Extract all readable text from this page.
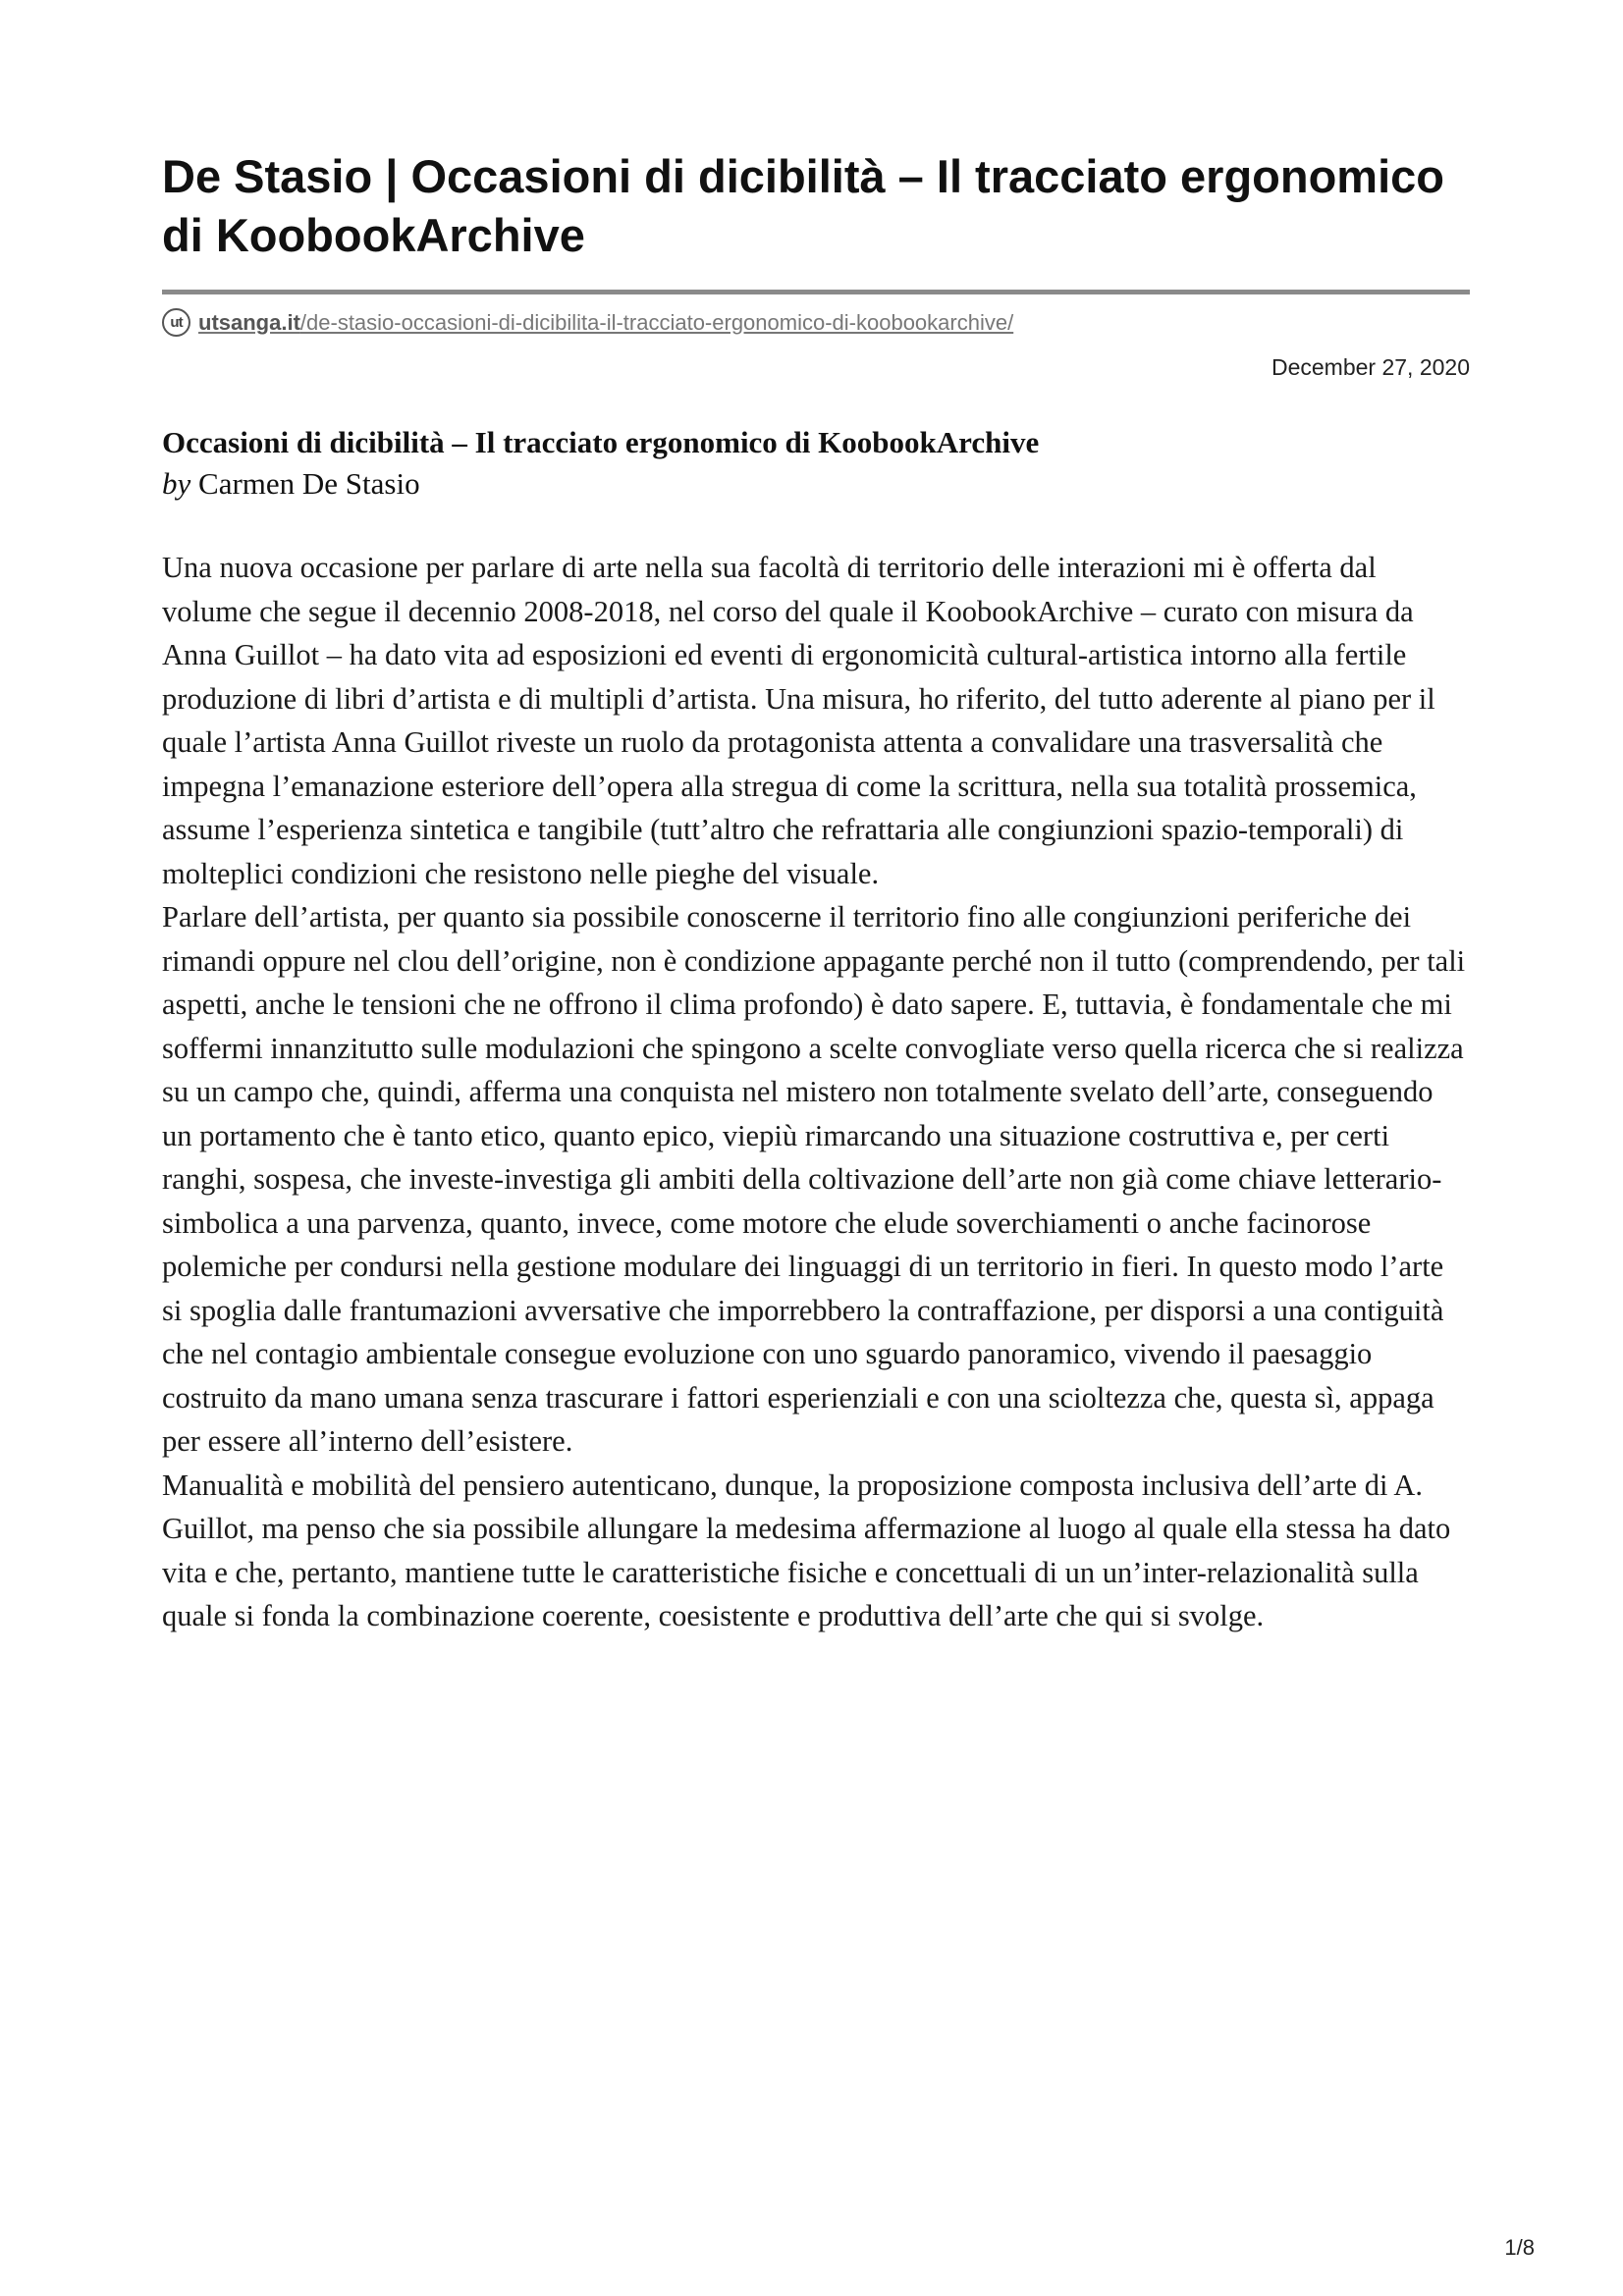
De Stasio | Occasioni di dicibilità – Il tracciato ergonomico di KoobookArchive
ut utsanga.it/de-stasio-occasioni-di-dicibilita-il-tracciato-ergonomico-di-koobookarchive/
December 27, 2020
Occasioni di dicibilità – Il tracciato ergonomico di KoobookArchive
by Carmen De Stasio

Una nuova occasione per parlare di arte nella sua facoltà di territorio delle interazioni mi è offerta dal volume che segue il decennio 2008-2018, nel corso del quale il KoobookArchive – curato con misura da Anna Guillot – ha dato vita ad esposizioni ed eventi di ergonomicità cultural-artistica intorno alla fertile produzione di libri d’artista e di multipli d’artista. Una misura, ho riferito, del tutto aderente al piano per il quale l’artista Anna Guillot riveste un ruolo da protagonista attenta a convalidare una trasversalità che impegna l’emanazione esteriore dell’opera alla stregua di come la scrittura, nella sua totalità prossemica, assume l’esperienza sintetica e tangibile (tutt’altro che refrattaria alle congiunzioni spazio-temporali) di molteplici condizioni che resistono nelle pieghe del visuale.

Parlare dell’artista, per quanto sia possibile conoscerne il territorio fino alle congiunzioni periferiche dei rimandi oppure nel clou dell’origine, non è condizione appagante perché non il tutto (comprendendo, per tali aspetti, anche le tensioni che ne offrono il clima profondo) è dato sapere. E, tuttavia, è fondamentale che mi soffermi innanzitutto sulle modulazioni che spingono a scelte convogliate verso quella ricerca che si realizza su un campo che, quindi, afferma una conquista nel mistero non totalmente svelato dell’arte, conseguendo un portamento che è tanto etico, quanto epico, viepiù rimarcando una situazione costruttiva e, per certi ranghi, sospesa, che investe-investiga gli ambiti della coltivazione dell’arte non già come chiave letterario-simbolica a una parvenza, quanto, invece, come motore che elude soverchiamenti o anche facinorose polemiche per condursi nella gestione modulare dei linguaggi di un territorio in fieri. In questo modo l’arte si spoglia dalle frantumazioni avversative che imporrebbero la contraffazione, per disporsi a una contiguità che nel contagio ambientale consegue evoluzione con uno sguardo panoramico, vivendo il paesaggio costruito da mano umana senza trascurare i fattori esperienziali e con una scioltezza che, questa sì, appaga per essere all’interno dell’esistere.

Manualità e mobilità del pensiero autenticano, dunque, la proposizione composta inclusiva dell’arte di A. Guillot, ma penso che sia possibile allungare la medesima affermazione al luogo al quale ella stessa ha dato vita e che, pertanto, mantiene tutte le caratteristiche fisiche e concettuali di un un’inter-relazionalità sulla quale si fonda la combinazione coerente, coesistente e produttiva dell’arte che qui si svolge.

1/8
